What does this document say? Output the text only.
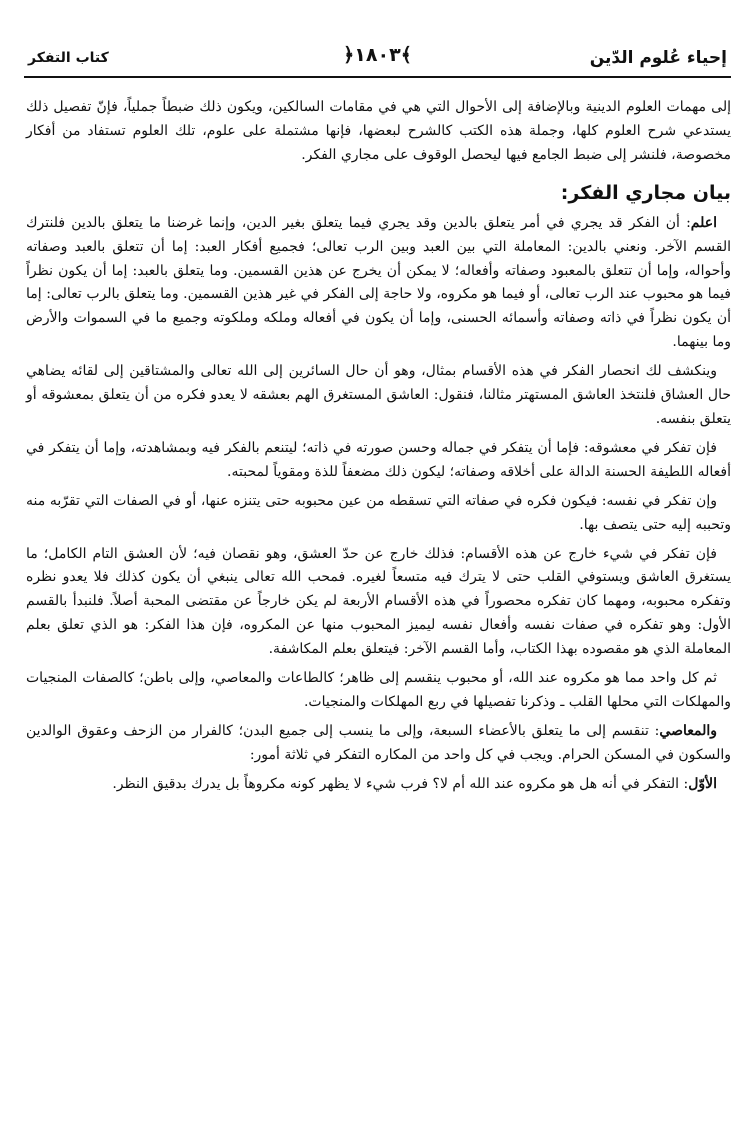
إحياء عُلوم الدّين
﴿١٨٠٣﴾
كتاب التفكر

إلى مهمات العلوم الدينية وبالإضافة إلى الأحوال التي هي في مقامات السالكين، ويكون ذلك ضبطاً جملياً، فإنّ تفصيل ذلك يستدعي شرح العلوم كلها، وجملة هذه الكتب كالشرح لبعضها، فإنها مشتملة على علوم، تلك العلوم تستفاد من أفكار مخصوصة، فلنشر إلى ضبط الجامع فيها ليحصل الوقوف على مجاري الفكر.

بيان مجاري الفكر:

اعلم: أن الفكر قد يجري في أمر يتعلق بالدين وقد يجري فيما يتعلق بغير الدين، وإنما غرضنا ما يتعلق بالدين فلنترك القسم الآخر. ونعني بالدين: المعاملة التي بين العبد وبين الرب تعالى؛ فجميع أفكار العبد: إما أن تتعلق بالعبد وصفاته وأحواله، وإما أن تتعلق بالمعبود وصفاته وأفعاله؛ لا يمكن أن يخرج عن هذين القسمين. وما يتعلق بالعبد: إما أن يكون نظراً فيما هو محبوب عند الرب تعالى، أو فيما هو مكروه، ولا حاجة إلى الفكر في غير هذين القسمين. وما يتعلق بالرب تعالى: إما أن يكون نظراً في ذاته وصفاته وأسمائه الحسنى، وإما أن يكون في أفعاله وملكه وملكوته وجميع ما في السموات والأرض وما بينهما.

وينكشف لك انحصار الفكر في هذه الأقسام بمثال، وهو أن حال السائرين إلى الله تعالى والمشتاقين إلى لقائه يضاهي حال العشاق فلنتخذ العاشق المستهتر مثالنا، فنقول: العاشق المستغرق الهم بعشقه لا يعدو فكره من أن يتعلق بمعشوقه أو يتعلق بنفسه.

فإن تفكر في معشوقه: فإما أن يتفكر في جماله وحسن صورته في ذاته؛ ليتنعم بالفكر فيه وبمشاهدته، وإما أن يتفكر في أفعاله اللطيفة الحسنة الدالة على أخلاقه وصفاته؛ ليكون ذلك مضعفاً للذة ومقوياً لمحبته.

وإن تفكر في نفسه: فيكون فكره في صفاته التي تسقطه من عين محبوبه حتى يتنزه عنها، أو في الصفات التي تقرّبه منه وتحببه إليه حتى يتصف بها.

فإن تفكر في شيء خارج عن هذه الأقسام: فذلك خارج عن حدّ العشق، وهو نقصان فيه؛ لأن العشق التام الكامل؛ ما يستغرق العاشق ويستوفي القلب حتى لا يترك فيه متسعاً لغيره. فمحب الله تعالى ينبغي أن يكون كذلك فلا يعدو نظره وتفكره محبوبه، ومهما كان تفكره محصوراً في هذه الأقسام الأربعة لم يكن خارجاً عن مقتضى المحبة أصلاً. فلنبدأ بالقسم الأول: وهو تفكره في صفات نفسه وأفعال نفسه ليميز المحبوب منها عن المكروه، فإن هذا الفكر: هو الذي تعلق بعلم المعاملة الذي هو مقصوده بهذا الكتاب، وأما القسم الآخر: فيتعلق بعلم المكاشفة.

ثم كل واحد مما هو مكروه عند الله، أو محبوب ينقسم إلى ظاهر؛ كالطاعات والمعاصي، وإلى باطن؛ كالصفات المنجيات والمهلكات التي محلها القلب ـ وذكرنا تفصيلها في ربع المهلكات والمنجيات.

والمعاصي: تنقسم إلى ما يتعلق بالأعضاء السبعة، وإلى ما ينسب إلى جميع البدن؛ كالفرار من الزحف وعقوق الوالدين والسكون في المسكن الحرام. ويجب في كل واحد من المكاره التفكر في ثلاثة أمور:

الأوّل: التفكر في أنه هل هو مكروه عند الله أم لا؟ فرب شيء لا يظهر كونه مكروهاً بل يدرك بدقيق النظر.
